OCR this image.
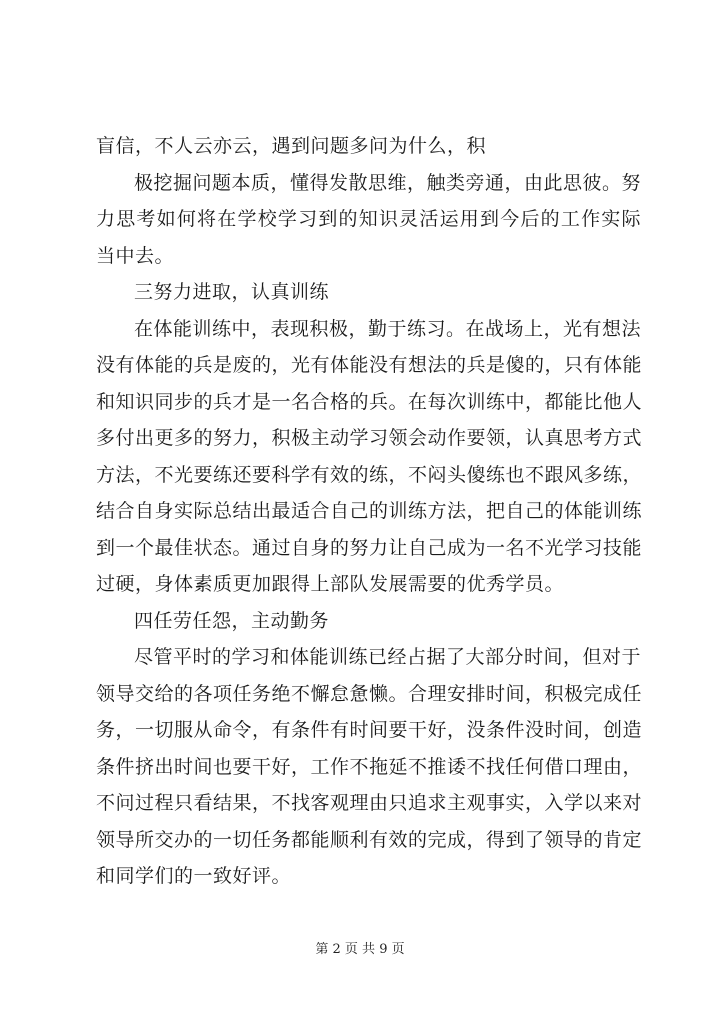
盲信，不人云亦云，遇到问题多问为什么，积
极挖掘问题本质，懂得发散思维，触类旁通，由此思彼。努
力思考如何将在学校学习到的知识灵活运用到今后的工作实际
当中去。
三努力进取，认真训练
在体能训练中，表现积极，勤于练习。在战场上，光有想法
没有体能的兵是废的，光有体能没有想法的兵是傻的，只有体能
和知识同步的兵才是一名合格的兵。在每次训练中，都能比他人
多付出更多的努力，积极主动学习领会动作要领，认真思考方式
方法，不光要练还要科学有效的练，不闷头傻练也不跟风多练，
结合自身实际总结出最适合自己的训练方法，把自己的体能训练
到一个最佳状态。通过自身的努力让自己成为一名不光学习技能
过硬，身体素质更加跟得上部队发展需要的优秀学员。
四任劳任怨，主动勤务
尽管平时的学习和体能训练已经占据了大部分时间，但对于
领导交给的各项任务绝不懈怠惫懒。合理安排时间，积极完成任
务，一切服从命令，有条件有时间要干好，没条件没时间，创造
条件挤出时间也要干好，工作不拖延不推诿不找任何借口理由，
不问过程只看结果，不找客观理由只追求主观事实，入学以来对
领导所交办的一切任务都能顺利有效的完成，得到了领导的肯定
和同学们的一致好评。
第 2 页 共 9 页
